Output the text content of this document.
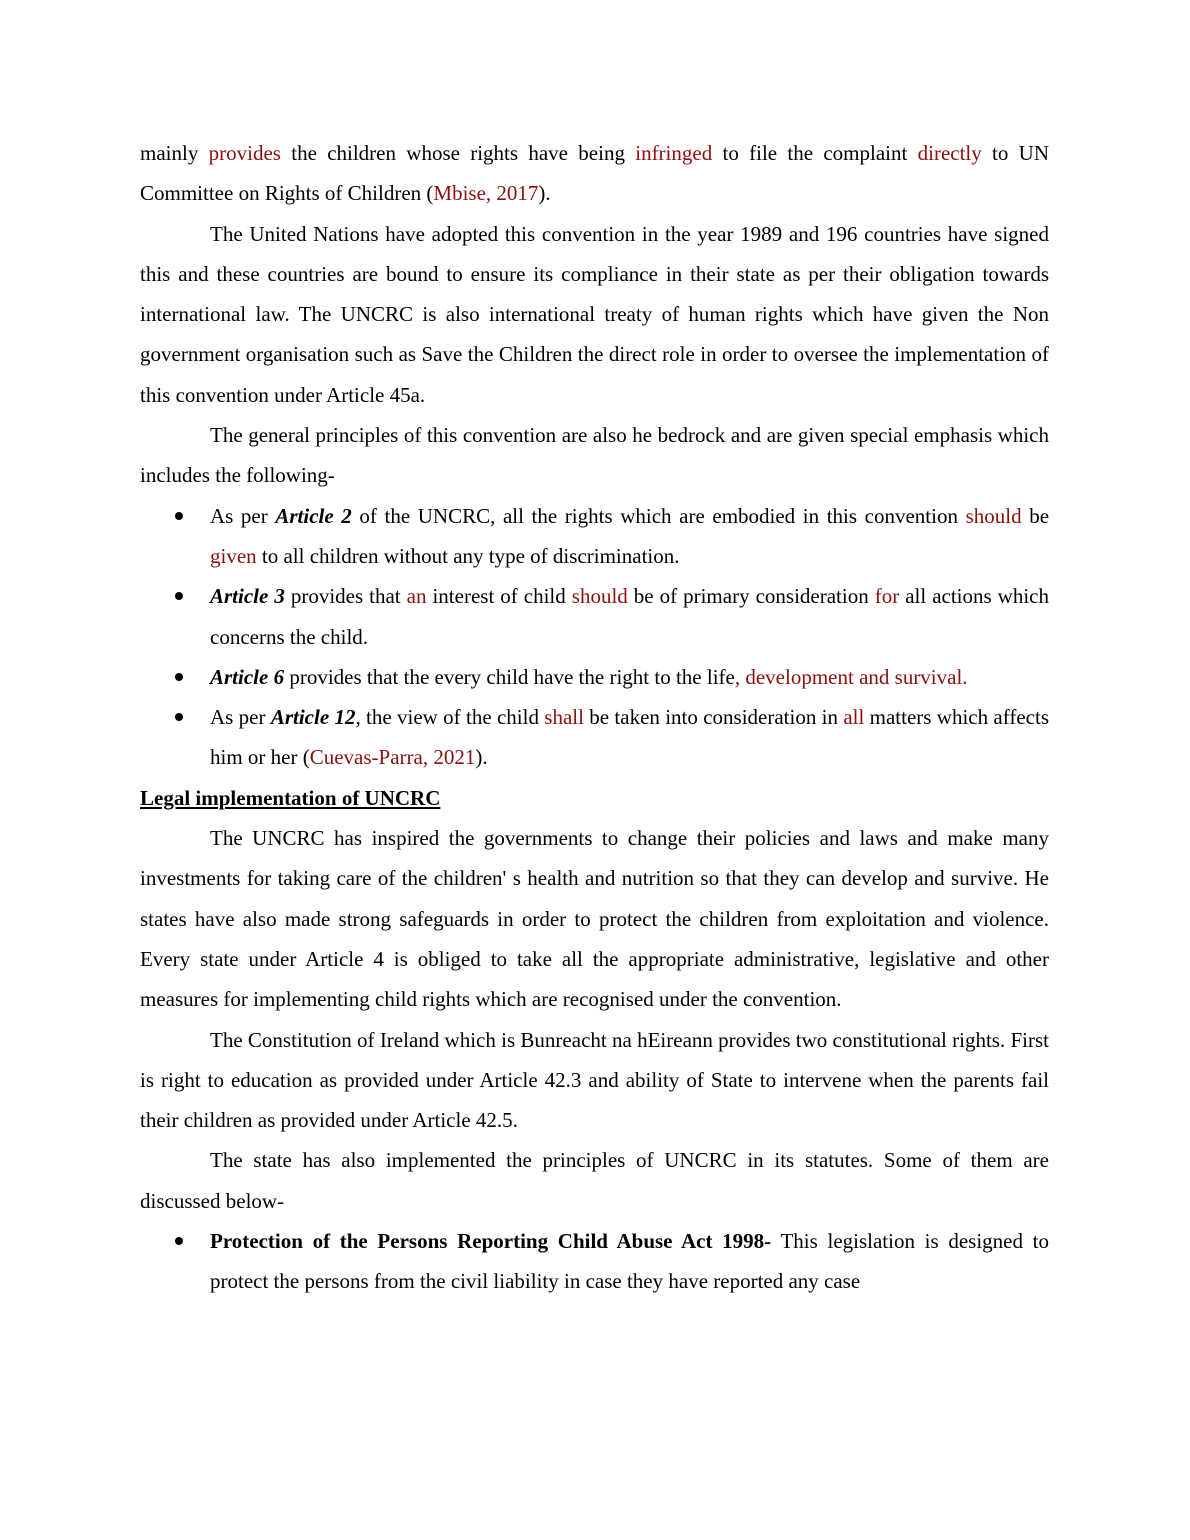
mainly provides the children whose rights have being infringed to file the complaint directly to UN Committee on Rights of Children (Mbise, 2017).

The United Nations have adopted this convention in the year 1989 and 196 countries have signed this and these countries are bound to ensure its compliance in their state as per their obligation towards international law. The UNCRC is also international treaty of human rights which have given the Non government organisation such as Save the Children the direct role in order to oversee the implementation of this convention under Article 45a.

The general principles of this convention are also he bedrock and are given special emphasis which includes the following-

As per Article 2 of the UNCRC, all the rights which are embodied in this convention should be given to all children without any type of discrimination.
Article 3 provides that an interest of child should be of primary consideration for all actions which concerns the child.
Article 6 provides that the every child have the right to the life, development and survival.
As per Article 12, the view of the child shall be taken into consideration in all matters which affects him or her (Cuevas-Parra, 2021).
Legal implementation of UNCRC

The UNCRC has inspired the governments to change their policies and laws and make many investments for taking care of the children' s health and nutrition so that they can develop and survive. He states have also made strong safeguards in order to protect the children from exploitation and violence. Every state under Article 4 is obliged to take all the appropriate administrative, legislative and other measures for implementing child rights which are recognised under the convention.

The Constitution of Ireland which is Bunreacht na hEireann provides two constitutional rights. First is right to education as provided under Article 42.3 and ability of State to intervene when the parents fail their children as provided under Article 42.5.

The state has also implemented the principles of UNCRC in its statutes. Some of them are discussed below-

Protection of the Persons Reporting Child Abuse Act 1998- This legislation is designed to protect the persons from the civil liability in case they have reported any case
